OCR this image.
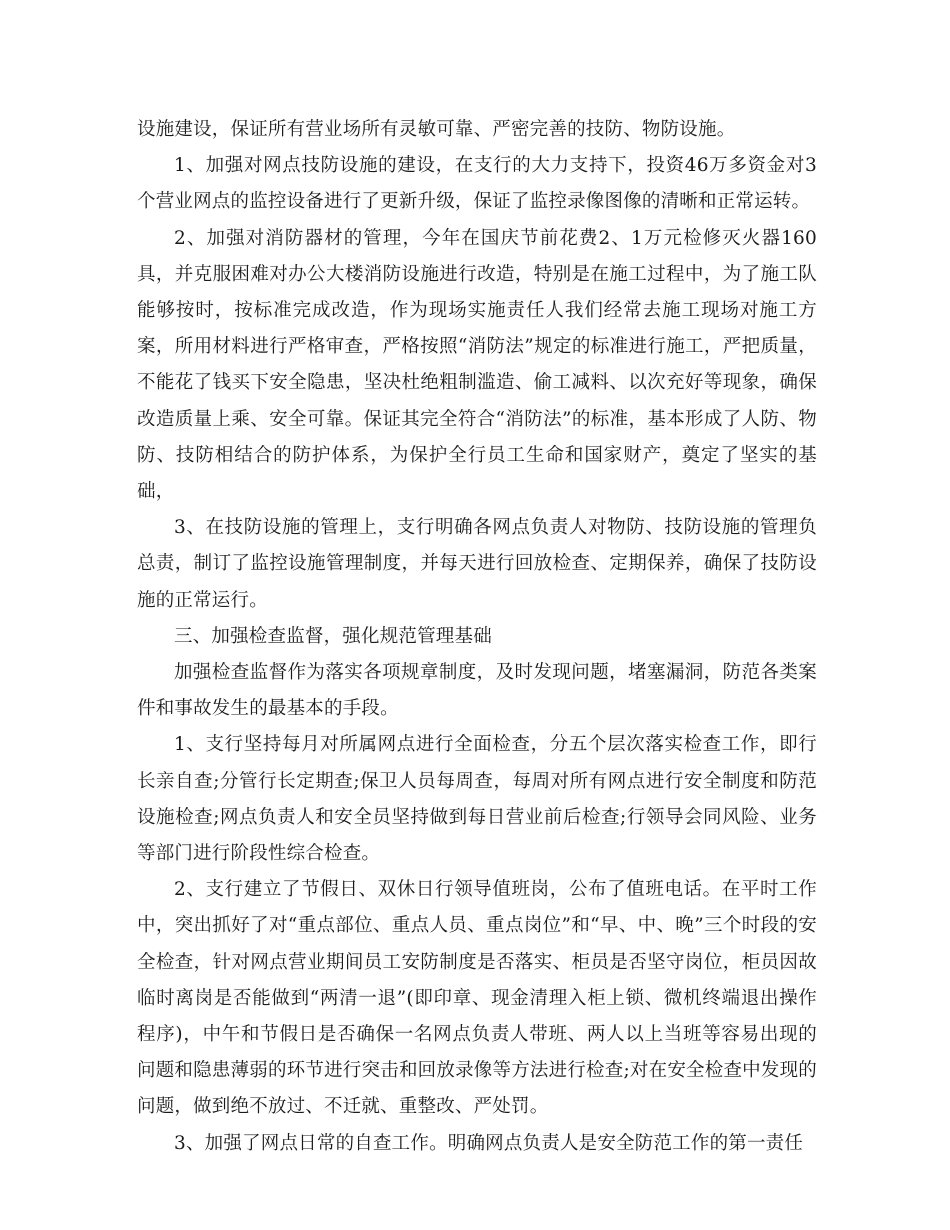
设施建设，保证所有营业场所有灵敏可靠、严密完善的技防、物防设施。

1、加强对网点技防设施的建设，在支行的大力支持下，投资46万多资金对3个营业网点的监控设备进行了更新升级，保证了监控录像图像的清晰和正常运转。

2、加强对消防器材的管理，今年在国庆节前花费2、1万元检修灭火器160具，并克服困难对办公大楼消防设施进行改造，特别是在施工过程中，为了施工队能够按时，按标准完成改造，作为现场实施责任人我们经常去施工现场对施工方案，所用材料进行严格审查，严格按照“消防法”规定的标准进行施工，严把质量，不能花了钱买下安全隐患，坚决杜绝粗制滥造、偷工减料、以次充好等现象，确保改造质量上乘、安全可靠。保证其完全符合“消防法”的标准，基本形成了人防、物防、技防相结合的防护体系，为保护全行员工生命和国家财产，奠定了坚实的基础，

3、在技防设施的管理上，支行明确各网点负责人对物防、技防设施的管理负总责，制订了监控设施管理制度，并每天进行回放检查、定期保养，确保了技防设施的正常运行。

三、加强检查监督，强化规范管理基础

加强检查监督作为落实各项规章制度，及时发现问题，堵塞漏洞，防范各类案件和事故发生的最基本的手段。

1、支行坚持每月对所属网点进行全面检查，分五个层次落实检查工作，即行长亲自查;分管行长定期查;保卫人员每周查，每周对所有网点进行安全制度和防范设施检查;网点负责人和安全员坚持做到每日营业前后检查;行领导会同风险、业务等部门进行阶段性综合检查。

2、支行建立了节假日、双休日行领导值班岗，公布了值班电话。在平时工作中，突出抓好了对“重点部位、重点人员、重点岗位”和“早、中、晚”三个时段的安全检查，针对网点营业期间员工安防制度是否落实、柜员是否坚守岗位，柜员因故临时离岗是否能做到“两清一退”(即印章、现金清理入柜上锁、微机终端退出操作程序)，中午和节假日是否确保一名网点负责人带班、两人以上当班等容易出现的问题和隐患薄弱的环节进行突击和回放录像等方法进行检查;对在安全检查中发现的问题，做到绝不放过、不迁就、重整改、严处罚。

3、加强了网点日常的自查工作。明确网点负责人是安全防范工作的第一责任
